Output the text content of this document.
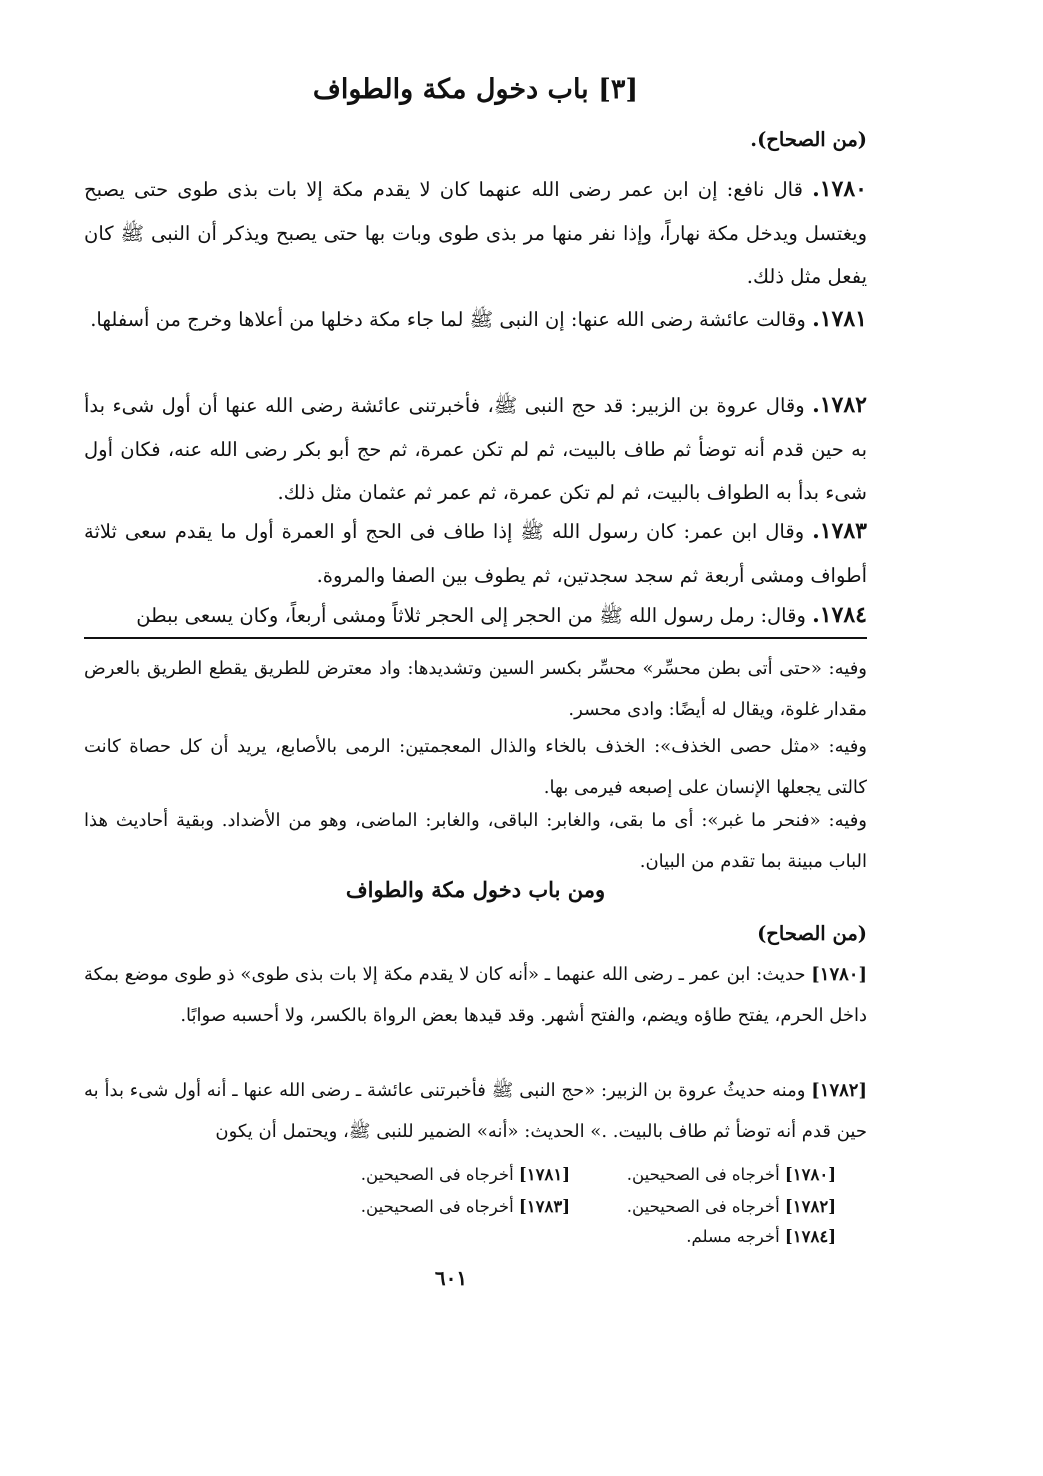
[٣] باب دخول مكة والطواف

(من الصحاح).

١٧٨٠. قال نافع: إن ابن عمر رضى الله عنهما كان لا يقدم مكة إلا بات بذى طوى حتى يصبح ويغتسل ويدخل مكة نهاراً، وإذا نفر منها مر بذى طوى وبات بها حتى يصبح ويذكر أن النبى ﷺ كان يفعل مثل ذلك.

١٧٨١. وقالت عائشة رضى الله عنها: إن النبى ﷺ لما جاء مكة دخلها من أعلاها وخرج من أسفلها.

١٧٨٢. وقال عروة بن الزبير: قد حج النبى ﷺ، فأخبرتنى عائشة رضى الله عنها أن أول شىء بدأ به حين قدم أنه توضأ ثم طاف بالبيت، ثم لم تكن عمرة، ثم حج أبو بكر رضى الله عنه، فكان أول شىء بدأ به الطواف بالبيت، ثم لم تكن عمرة، ثم عمر ثم عثمان مثل ذلك.

١٧٨٣. وقال ابن عمر: كان رسول الله ﷺ إذا طاف فى الحج أو العمرة أول ما يقدم سعى ثلاثة أطواف ومشى أربعة ثم سجد سجدتين، ثم يطوف بين الصفا والمروة.

١٧٨٤. وقال: رمل رسول الله ﷺ من الحجر إلى الحجر ثلاثاً ومشى أربعاً، وكان يسعى ببطن

وفيه: «حتى أتى بطن محسِّر» محسِّر بكسر السين وتشديدها: واد معترض للطريق يقطع الطريق بالعرض مقدار غلوة، ويقال له أيضًا: وادى محسر.

وفيه: «مثل حصى الخذف»: الخذف بالخاء والذال المعجمتين: الرمى بالأصابع، يريد أن كل حصاة كانت كالتى يجعلها الإنسان على إصبعه فيرمى بها.

وفيه: «فنحر ما غبر»: أى ما بقى، والغابر: الباقى، والغابر: الماضى، وهو من الأضداد. وبقية أحاديث هذا الباب مبينة بما تقدم من البيان.

ومن باب دخول مكة والطواف

(من الصحاح)

[١٧٨٠] حديث: ابن عمر ـ رضى الله عنهما ـ «أنه كان لا يقدم مكة إلا بات بذى طوى» ذو طوى موضع بمكة داخل الحرم، يفتح طاؤه ويضم، والفتح أشهر. وقد قيدها بعض الرواة بالكسر، ولا أحسبه صوابًا.

[١٧٨٢] ومنه حديثُ عروة بن الزبير: «حج النبى ﷺ فأخبرتنى عائشة ـ رضى الله عنها ـ أنه أول شىء بدأ به حين قدم أنه توضأ ثم طاف بالبيت. .» الحديث: «أنه» الضمير للنبى ﷺ، ويحتمل أن يكون

[١٧٨٠] أخرجاه فى الصحيحين.
[١٧٨١] أخرجاه فى الصحيحين.
[١٧٨٢] أخرجاه فى الصحيحين.
[١٧٨٣] أخرجاه فى الصحيحين.
[١٧٨٤] أخرجه مسلم.
٦٠١
